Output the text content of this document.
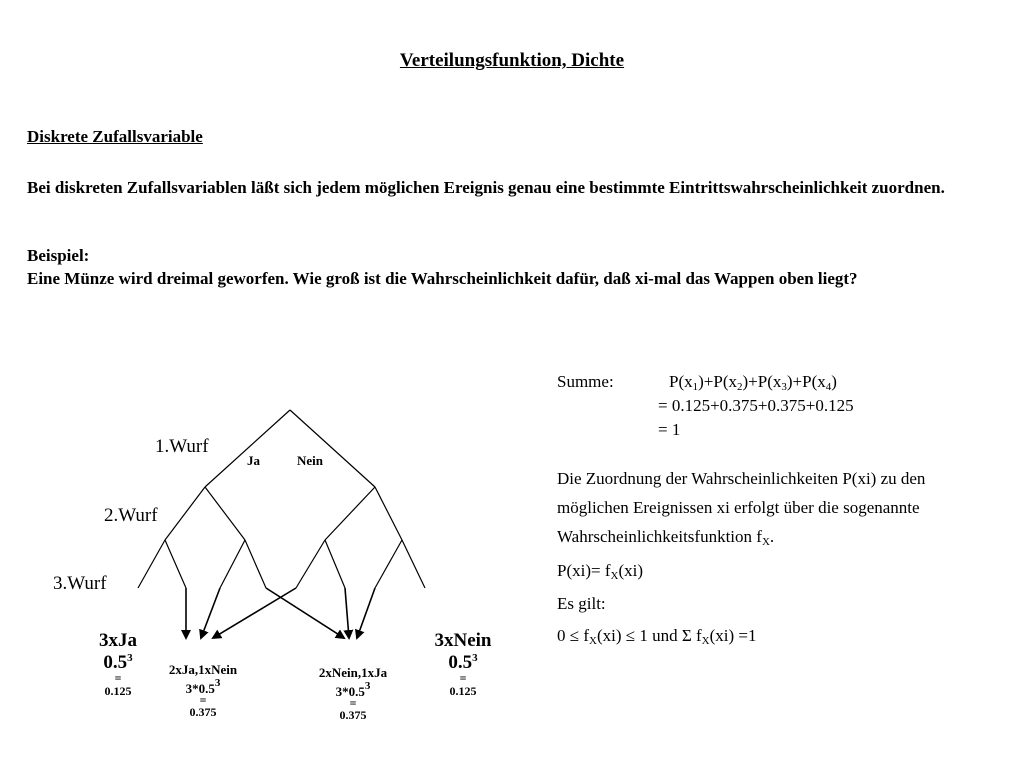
Verteilungsfunktion, Dichte
Diskrete Zufallsvariable
Bei diskreten Zufallsvariablen läßt sich jedem möglichen Ereignis genau eine bestimmte Eintrittswahrscheinlichkeit zuordnen.
Beispiel:
Eine Münze wird dreimal geworfen. Wie groß ist die Wahrscheinlichkeit dafür, daß xi-mal das Wappen oben liegt?
1.Wurf
2.Wurf
3.Wurf
Ja	Nein
3xJa
$0.5^3$
=
0.125
2xJa,1xNein
$3*0.5^3$
=
0.375
2xNein,1xJa
$3*0.5^3$
=
0.375
3xNein
$0.5^3$
=
0.125
Summe:	$P(x_1)+P(x_2)+P(x_3)+P(x_4)$
= 0.125+0.375+0.375+0.125
= 1
Die Zuordnung der Wahrscheinlichkeiten P(xi) zu den
möglichen Ereignissen xi erfolgt über die sogenannte
Wahrscheinlichkeitsfunktion $f_X$.
$P(xi)= f_X(xi)$
Es gilt:
$0 \le f_X(xi) \le 1$ und Σ $f_X(xi) =1$
